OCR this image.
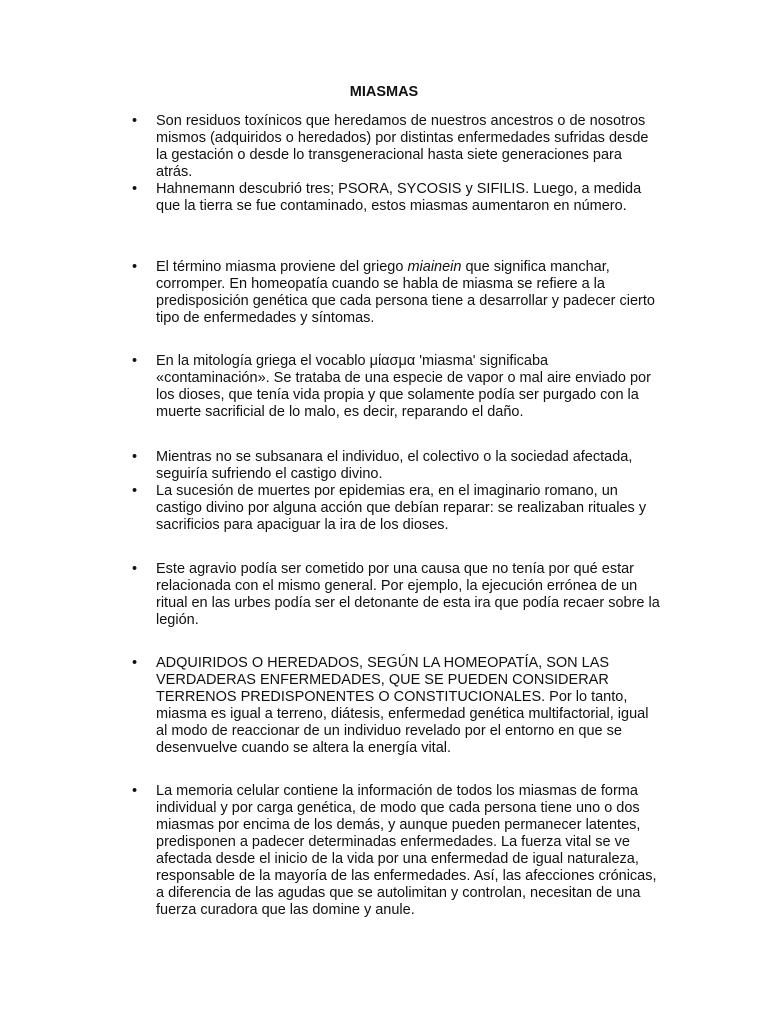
MIASMAS
•	Son residuos toxínicos que heredamos de nuestros ancestros o de nosotros mismos (adquiridos o heredados) por distintas enfermedades sufridas desde la gestación o desde lo transgeneracional hasta siete generaciones para atrás.
•	Hahnemann descubrió tres; PSORA, SYCOSIS y SIFILIS. Luego, a medida que la tierra se fue contaminado, estos miasmas aumentaron en número.
•	El término miasma proviene del griego miainein que significa manchar, corromper. En homeopatía cuando se habla de miasma se refiere a la predisposición genética que cada persona tiene a desarrollar y padecer cierto tipo de enfermedades y síntomas.
•	En la mitología griega el vocablo μίασμα 'miasma' significaba «contaminación». Se trataba de una especie de vapor o mal aire enviado por los dioses, que tenía vida propia y que solamente podía ser purgado con la muerte sacrificial de lo malo, es decir, reparando el daño.
•	Mientras no se subsanara el individuo, el colectivo o la sociedad afectada, seguiría sufriendo el castigo divino.
•	La sucesión de muertes por epidemias era, en el imaginario romano, un castigo divino por alguna acción que debían reparar: se realizaban rituales y sacrificios para apaciguar la ira de los dioses.
•	Este agravio podía ser cometido por una causa que no tenía por qué estar relacionada con el mismo general. Por ejemplo, la ejecución errónea de un ritual en las urbes podía ser el detonante de esta ira que podía recaer sobre la legión.
•	ADQUIRIDOS O HEREDADOS, SEGÚN LA HOMEOPATÍA, SON LAS VERDADERAS ENFERMEDADES, QUE SE PUEDEN CONSIDERAR TERRENOS PREDISPONENTES O CONSTITUCIONALES. Por lo tanto, miasma es igual a terreno, diátesis, enfermedad genética multifactorial, igual al modo de reaccionar de un individuo revelado por el entorno en que se desenvuelve cuando se altera la energía vital.
•	La memoria celular contiene la información de todos los miasmas de forma individual y por carga genética, de modo que cada persona tiene uno o dos miasmas por encima de los demás, y aunque pueden permanecer latentes, predisponen a padecer determinadas enfermedades. La fuerza vital se ve afectada desde el inicio de la vida por una enfermedad de igual naturaleza, responsable de la mayoría de las enfermedades. Así, las afecciones crónicas, a diferencia de las agudas que se autolimitan y controlan, necesitan de una fuerza curadora que las domine y anule.
